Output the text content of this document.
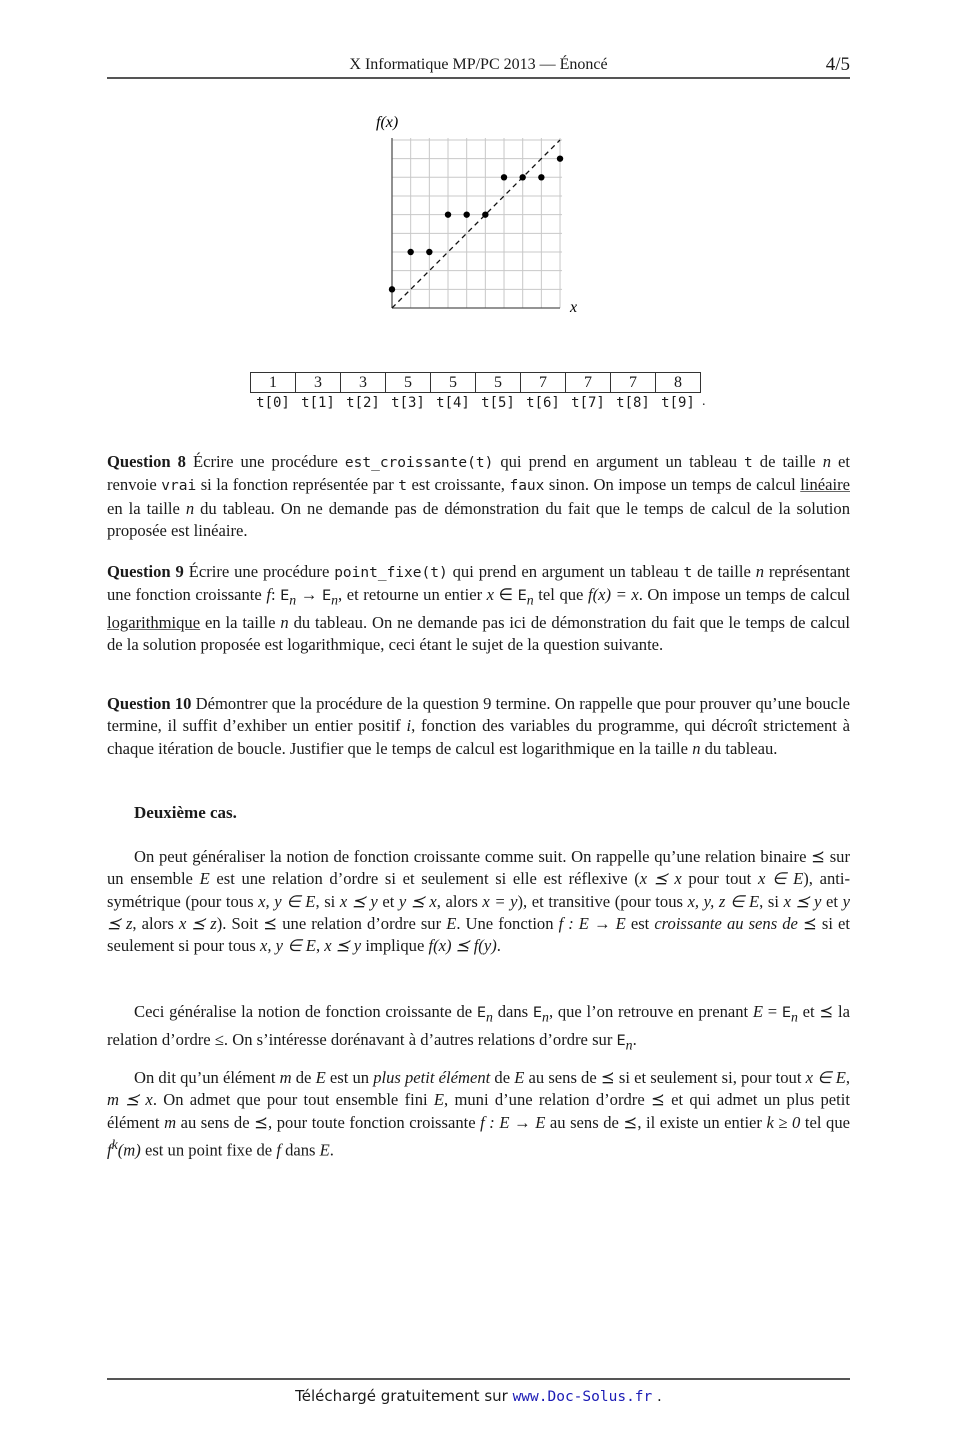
X Informatique MP/PC 2013 — Énoncé	4/5
f(x)
x
1	3	3	5	5	5	7	7	7	8
t[0]	t[1]	t[2]	t[3]	t[4]	t[5]	t[6]	t[7]	t[8]	t[9] .
Question 8 Écrire une procédure est_croissante(t) qui prend en argument un tableau t de taille n et renvoie vrai si la fonction représentée par t est croissante, faux sinon. On impose un temps de calcul linéaire en la taille n du tableau. On ne demande pas de démonstration du fait que le temps de calcul de la solution proposée est linéaire.
Question 9 Écrire une procédure point_fixe(t) qui prend en argument un tableau t de taille n représentant une fonction croissante f: $E_n \to E_n$, et retourne un entier x ∈ $E_n$ tel que f(x) = x. On impose un temps de calcul logarithmique en la taille n du tableau. On ne demande pas ici de démonstration du fait que le temps de calcul de la solution proposée est logarithmique, ceci étant le sujet de la question suivante.
Question 10 Démontrer que la procédure de la question 9 termine. On rappelle que pour prouver qu’une boucle termine, il suffit d’exhiber un entier positif i, fonction des variables du programme, qui décroît strictement à chaque itération de boucle. Justifier que le temps de calcul est logarithmique en la taille n du tableau.
Deuxième cas.
On peut généraliser la notion de fonction croissante comme suit. On rappelle qu’une relation binaire ⪯ sur un ensemble E est une relation d’ordre si et seulement si elle est réflexive (x ⪯ x pour tout x ∈ E), anti-symétrique (pour tous x, y ∈ E, si x ⪯ y et y ⪯ x, alors x = y), et transitive (pour tous x, y, z ∈ E, si x ⪯ y et y ⪯ z, alors x ⪯ z). Soit ⪯ une relation d’ordre sur E. Une fonction f : E → E est croissante au sens de ⪯ si et seulement si pour tous x, y ∈ E, x ⪯ y implique f(x) ⪯ f(y).
Ceci généralise la notion de fonction croissante de $E_n$ dans $E_n$, que l’on retrouve en prenant $E = E_n$ et ⪯ la relation d’ordre ≤. On s’intéresse dorénavant à d’autres relations d’ordre sur $E_n$.
On dit qu’un élément m de E est un plus petit élément de E au sens de ⪯ si et seulement si, pour tout x ∈ E, m ⪯ x. On admet que pour tout ensemble fini E, muni d’une relation d’ordre ⪯ et qui admet un plus petit élément m au sens de ⪯, pour toute fonction croissante f : E → E au sens de ⪯, il existe un entier k ≥ 0 tel que $f^k(m)$ est un point fixe de f dans E.
Téléchargé gratuitement sur www.Doc-Solus.fr .
